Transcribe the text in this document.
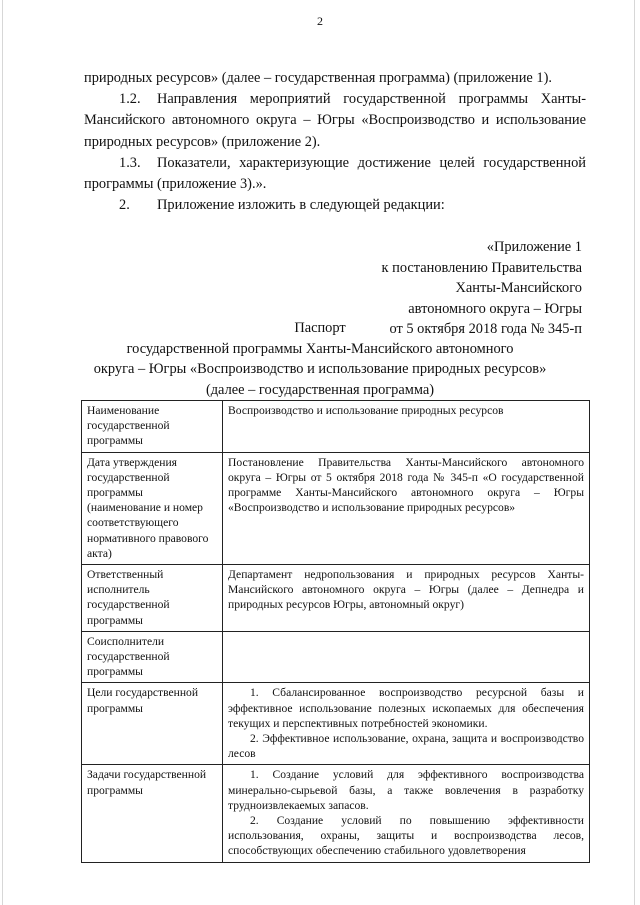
2

природных ресурсов» (далее – государственная программа) (приложение 1).

1.2. Направления мероприятий государственной программы Ханты-Мансийского автономного округа – Югры «Воспроизводство и использование природных ресурсов» (приложение 2).

1.3. Показатели, характеризующие достижение целей государственной программы (приложение 3).».

2. Приложение изложить в следующей редакции:

«Приложение 1
к постановлению Правительства
Ханты-Мансийского
автономного округа – Югры
от 5 октября 2018 года № 345-п
Паспорт
государственной программы Ханты-Мансийского автономного
округа – Югры «Воспроизводство и использование природных ресурсов»
(далее – государственная программа)
Наименование государственной программы	Воспроизводство и использование природных ресурсов

Дата утверждения государственной программы (наименование и номер соответствующего нормативного правового акта)	Постановление Правительства Ханты-Мансийского автономного округа – Югры от 5 октября 2018 года № 345-п «О государственной программе Ханты-Мансийского автономного округа – Югры «Воспроизводство и использование природных ресурсов»

Ответственный исполнитель государственной программы	Департамент недропользования и природных ресурсов Ханты-Мансийского автономного округа – Югры (далее – Депнедра и природных ресурсов Югры, автономный округ)

Соисполнители государственной программы	
Цели государственной программы	1. Сбалансированное воспроизводство ресурсной базы и эффективное использование полезных ископаемых для обеспечения текущих и перспективных потребностей экономики.

2. Эффективное использование, охрана, защита и воспроизводство лесов

Задачи государственной программы	1. Создание условий для эффективного воспроизводства минерально-сырьевой базы, а также вовлечения в разработку трудноизвлекаемых запасов.

2. Создание условий по повышению эффективности использования, охраны, защиты и воспроизводства лесов, способствующих обеспечению стабильного удовлетворения
